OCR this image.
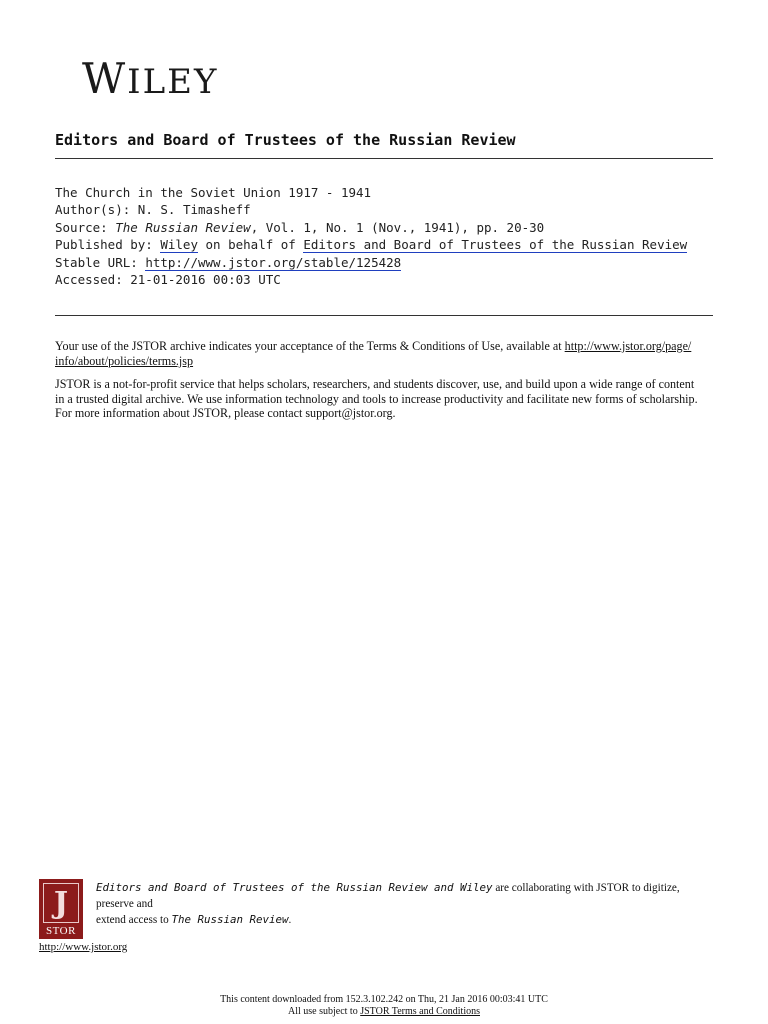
WILEY
Editors and Board of Trustees of the Russian Review
The Church in the Soviet Union 1917 - 1941
Author(s): N. S. Timasheff
Source: The Russian Review, Vol. 1, No. 1 (Nov., 1941), pp. 20-30
Published by: Wiley on behalf of Editors and Board of Trustees of the Russian Review
Stable URL: http://www.jstor.org/stable/125428
Accessed: 21-01-2016 00:03 UTC

Your use of the JSTOR archive indicates your acceptance of the Terms & Conditions of Use, available at http://www.jstor.org/page/
info/about/policies/terms.jsp

JSTOR is a not-for-profit service that helps scholars, researchers, and students discover, use, and build upon a wide range of content
in a trusted digital archive. We use information technology and tools to increase productivity and facilitate new forms of scholarship.
For more information about JSTOR, please contact support@jstor.org.

J
STOR
http://www.jstor.org
Editors and Board of Trustees of the Russian Review and Wiley are collaborating with JSTOR to digitize, preserve and
extend access to The Russian Review.
This content downloaded from 152.3.102.242 on Thu, 21 Jan 2016 00:03:41 UTC
All use subject to JSTOR Terms and Conditions
